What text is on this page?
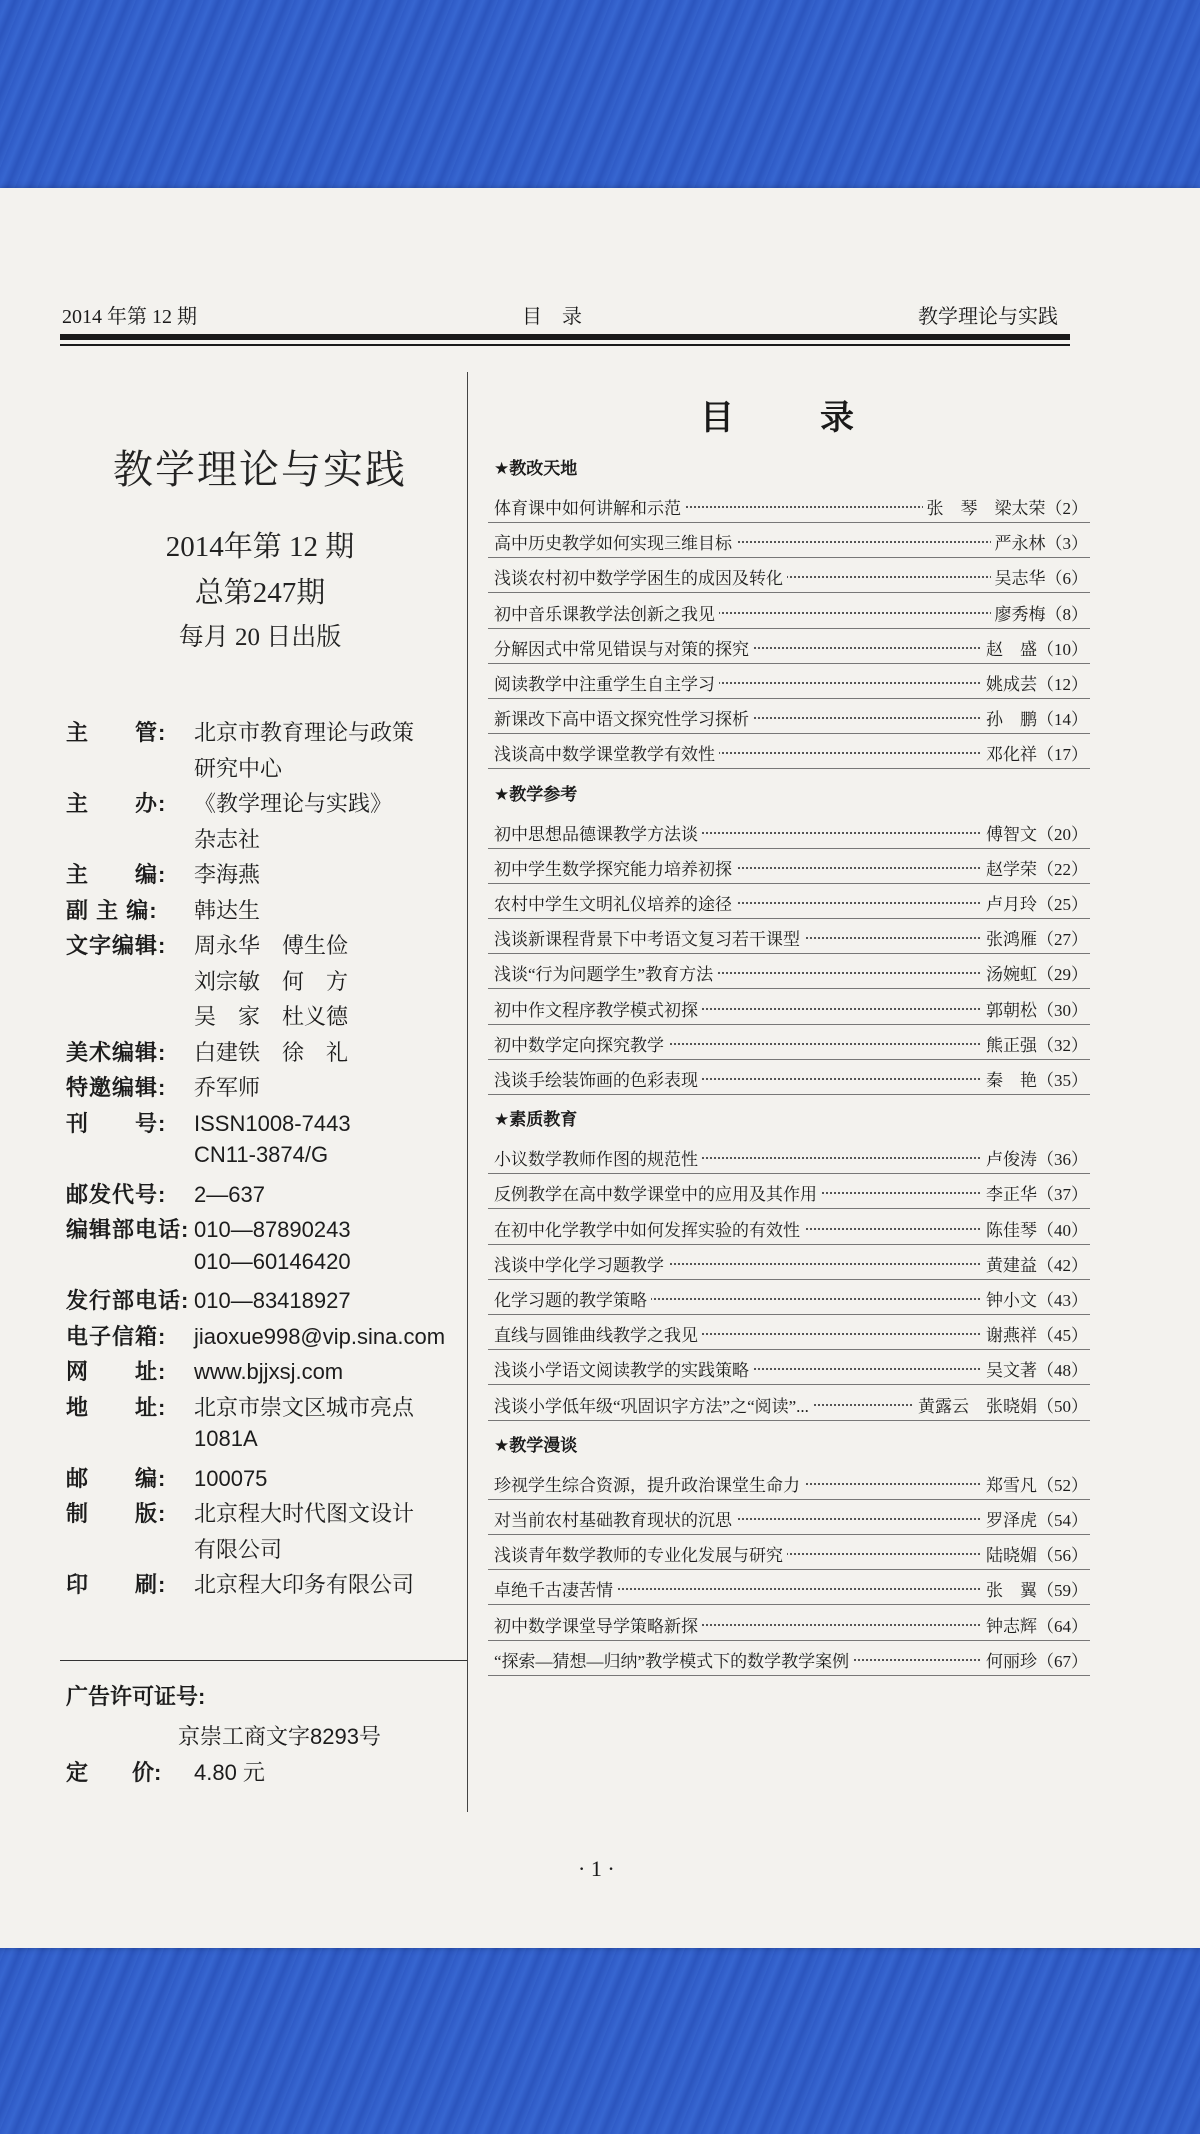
2014 年第 12 期	目　录	教学理论与实践
教学理论与实践
2014年第 12 期
总第247期
每月 20 日出版
主　　管: 北京市教育理论与政策
研究中心
主　　办: 《教学理论与实践》
杂志社
主　　编: 李海燕
副 主 编: 韩达生
文字编辑: 周永华　傅生俭
刘宗敏　何　方
吴　家　杜义德
美术编辑: 白建铁　徐　礼
特邀编辑: 乔军师
刊　　号: ISSN1008-7443
CN11-3874/G
邮发代号: 2—637
编辑部电话: 010—87890243
010—60146420
发行部电话: 010—83418927
电子信箱: jiaoxue998@vip.sina.com
网　　址: www.bjjxsj.com
地　　址: 北京市崇文区城市亮点
1081A
邮　　编: 100075
制　　版: 北京程大时代图文设计
有限公司
印　　刷: 北京程大印务有限公司
广告许可证号:
京崇工商文字8293号
定　　价: 4.80 元
目　录
★教改天地
体育课中如何讲解和示范	张　琴　梁太荣（2）
高中历史教学如何实现三维目标	严永林（3）
浅谈农村初中数学学困生的成因及转化	吴志华（6）
初中音乐课教学法创新之我见	廖秀梅（8）
分解因式中常见错误与对策的探究	赵　盛（10）
阅读教学中注重学生自主学习	姚成芸（12）
新课改下高中语文探究性学习探析	孙　鹏（14）
浅谈高中数学课堂教学有效性	邓化祥（17）
★教学参考
初中思想品德课教学方法谈	傅智文（20）
初中学生数学探究能力培养初探	赵学荣（22）
农村中学生文明礼仪培养的途径	卢月玲（25）
浅谈新课程背景下中考语文复习若干课型	张鸿雁（27）
浅谈“行为问题学生”教育方法	汤婉虹（29）
初中作文程序教学模式初探	郭朝松（30）
初中数学定向探究教学	熊正强（32）
浅谈手绘装饰画的色彩表现	秦　艳（35）
★素质教育
小议数学教师作图的规范性	卢俊涛（36）
反例教学在高中数学课堂中的应用及其作用	李正华（37）
在初中化学教学中如何发挥实验的有效性	陈佳琴（40）
浅谈中学化学习题教学	黄建益（42）
化学习题的教学策略	钟小文（43）
直线与圆锥曲线教学之我见	谢燕祥（45）
浅谈小学语文阅读教学的实践策略	吴文著（48）
浅谈小学低年级“巩固识字方法”之“阅读”...	黄露云　张晓娟（50）
★教学漫谈
珍视学生综合资源，提升政治课堂生命力	郑雪凡（52）
对当前农村基础教育现状的沉思	罗泽虎（54）
浅谈青年数学教师的专业化发展与研究	陆晓媚（56）
卓绝千古凄苦情	张　翼（59）
初中数学课堂导学策略新探	钟志辉（64）
“探索—猜想—归纳”教学模式下的数学教学案例	何丽珍（67）
· 1 ·
